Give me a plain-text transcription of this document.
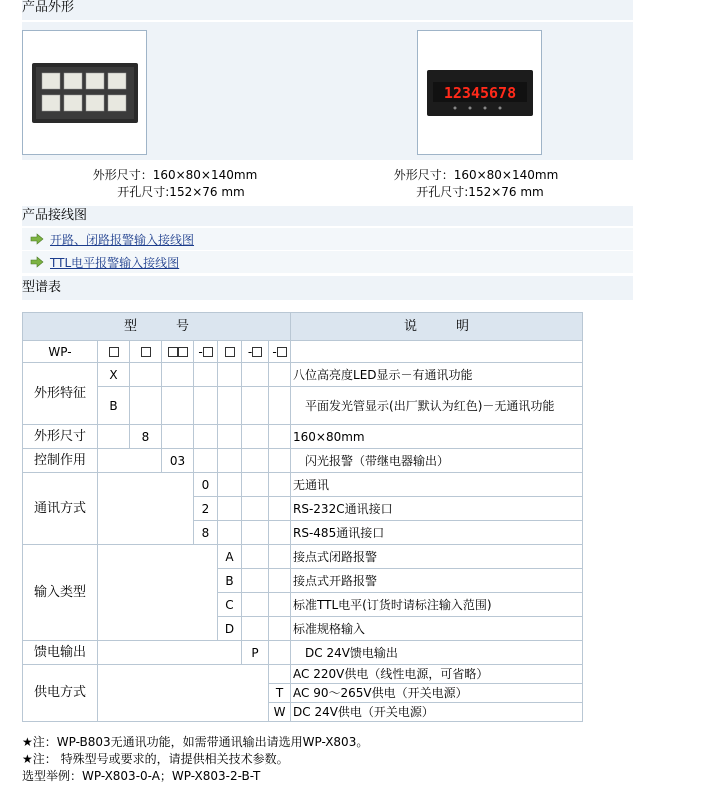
产品外形
12345678
外形尺寸：160×80×140mm
开孔尺寸:152×76 mm
外形尺寸：160×80×140mm
开孔尺寸:152×76 mm
产品接线图
开路、闭路报警输入接线图
TTL电平报警输入接线图
型谱表
型　　　号								说　　　明
WP-				-		-	-	
外形特征	X							八位高亮度LED显示－有通讯功能
	B							平面发光管显示(出厂默认为红色)－无通讯功能
外形尺寸		8						160×80mm
控制作用			03					闪光报警（带继电器输出）
通讯方式				0				无通讯
				2				RS-232C通讯接口
				8				RS-485通讯接口
输入类型					A			接点式闭路报警
					B			接点式开路报警
					C			标准TTL电平(订货时请标注输入范围)
					D			标准规格输入
馈电输出						P		DC 24V馈电输出
供电方式								AC 220V供电（线性电源，可省略）
							T	AC 90～265V供电（开关电源）
							W	DC 24V供电（开关电源）
★注：WP-B803无通讯功能，如需带通讯输出请选用WP-X803。
★注： 特殊型号或要求的，请提供相关技术参数。
选型举例：WP-X803-0-A；WP-X803-2-B-T
